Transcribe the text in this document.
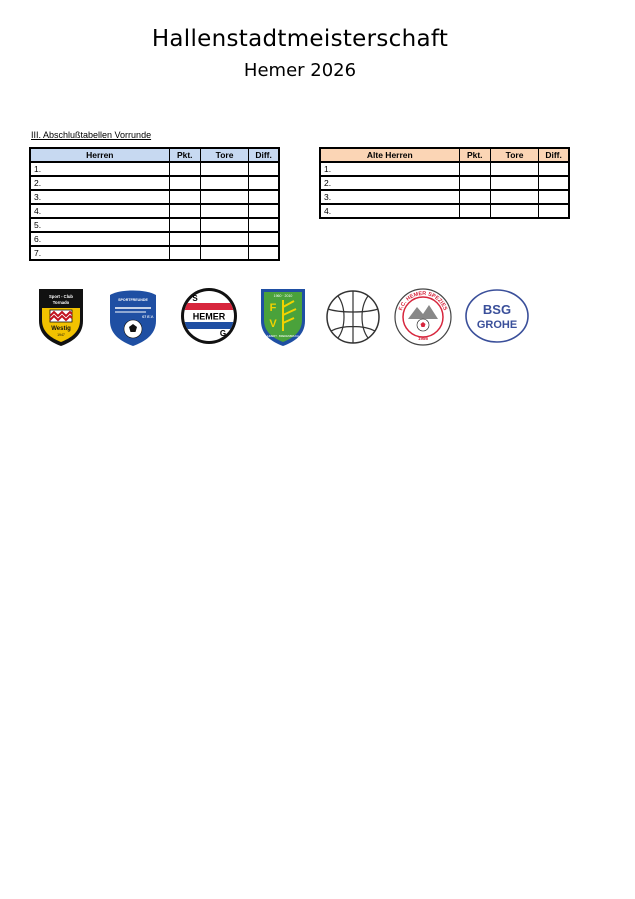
Hallenstadtmeisterschaft
Hemer 2026
III. Abschlußtabellen Vorrunde
Herren	Pkt.	Tore	Diff.
1.			
2.			
3.			
4.			
5.			
6.			
7.			
Alte Herren	Pkt.	Tore	Diff.
1.			
2.			
3.			
4.			
Sport - Club
Tornado
Westig
1947
SPORTFREUNDE
07 E.V.	HEMER
S
G
1960 · 2010
F
V
IHMERT · BREDENBRUCH
F.C. HEMER SPEZIES
1986
BSG
GROHE
